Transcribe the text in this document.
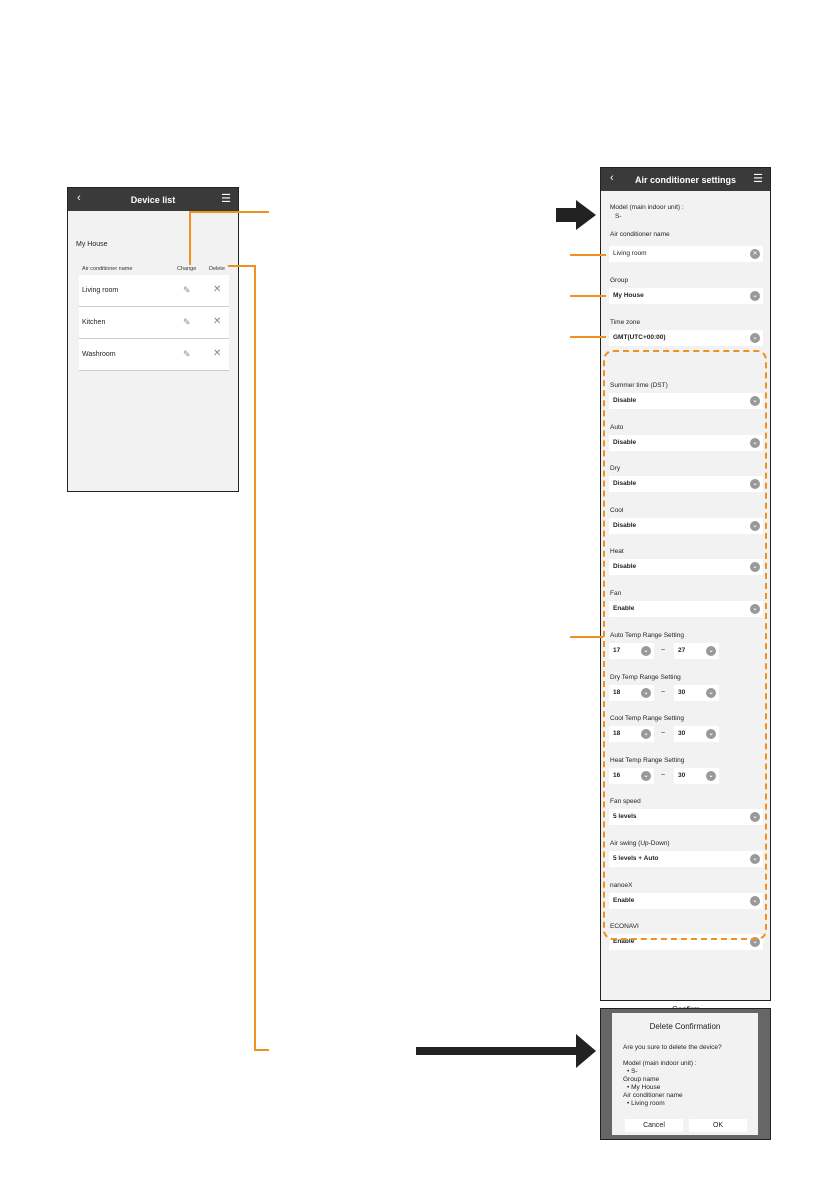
‹	Device list	☰
My House
Air conditioner name	Change Delete
Living room	✎ ✕
Kitchen	✎ ✕
Washroom	✎ ✕
‹ Air conditioner settings ☰
Model (main indoor unit) :
S-
Air conditioner name
Living room	✕
Group
My House	⌄
Time zone
GMT(UTC+00:00)	⌄
Summer time (DST)
Disable	⌄
Auto
Disable	⌄
Dry
Disable	⌄
Cool
Disable	⌄
Heat
Disable	⌄
Fan
Enable	⌄
Auto Temp Range Setting
17	⌄	~	27	⌄
Dry Temp Range Setting
18	⌄	~	30	⌄
Cool Temp Range Setting
18	⌄	~	30	⌄
Heat Temp Range Setting
16	⌄	~	30	⌄
Fan speed
5 levels	⌄
Air swing (Up-Down)
5 levels + Auto	⌄
nanoeX
Enable	⌄
ECONAVI
Enable	⌄
Delete Confirmation
Are you sure to delete the device?
Model (main indoor unit) :
• S-
Group name
• My House
Air conditioner name
• Living room
Cancel	OK
